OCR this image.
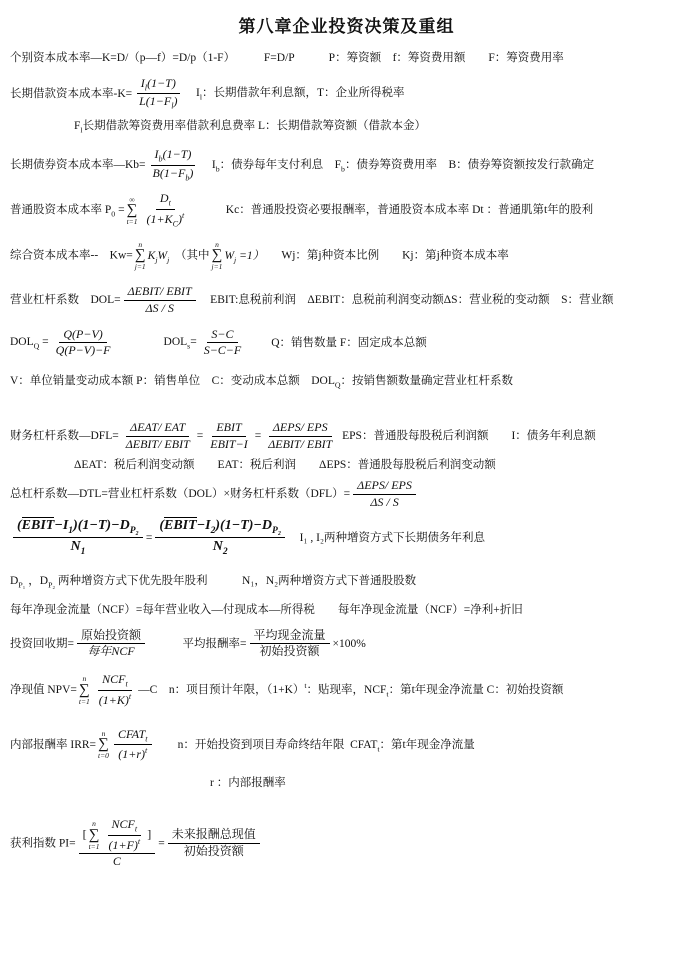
第八章企业投资决策及重组
个别资本成本率—K=D/（p—f）=D/p（1-F）　　　F=D/P　　　P：筹资额　f：筹资费用额　　F：筹资费用率
长期借款资本成本率$-K= \frac{I_l(1-T)}{L(1-F_l)}$ 　$I_l$：长期借款年利息额，T：企业所得税率
$F_l$长期借款筹资费用率借款利息费率 L：长期借款筹资额（借款本金）
长期债券资本成本率—Kb= $\frac{I_b(1-T)}{B(1-F_b)}$ 　$I_b$：债券每年支付利息　$F_b$：债券筹资费用率　B：债券筹资额按发行款确定
普通股资本成本率 $P_0$ =
∞
∑
$t=1 \frac{D_t}{(1+K_C)^t}$ 　　　Kc：普通股投资必要报酬率，普通股资本成本率 Dt ：普通肌第t年的股利
综合资本成本率--　Kw=
n
∑
j=1
$K_jW_j$　（其中
n
∑
j=1
$W_j =1$）　　Wj：第j种资本比例　　Kj：第j种资本成本率
营业杠杆系数　$DOL= \frac{\text{ΔEBIT/ EBIT}}{\Delta S / S}$ 　EBIT:息税前利润　ΔEBIT：息税前利润变动额ΔS：营业税的变动额　S：营业额
$DOL_Q = \frac{Q(P-V)}{Q(P-V)-F}$
　　　　	$DOL_s= \frac{S-C}{S-C-F}$ 　　Q：销售数量 F：固定成本总额
V：单位销量变动成本额 P：销售单位　C：变动成本总额　$DOL_Q$：按销售额数量确定营业杠杆系数
财务杠杆系数—DFL= $\frac{\text{ΔEAT/ EAT}}{\text{ΔEBIT/ EBIT}} = \frac{\text{EBIT}}{\text{EBIT−I}} = \frac{\text{ΔEPS/ EPS}}{\text{ΔEBIT/ EBIT}}$ EPS：普通股每股税后利润额　　I：债务年利息额
ΔEAT：税后利润变动额　　EAT：税后利润　　ΔEPS：普通股每股税后利润变动额
总杠杆系数—DTL=营业杠杆系数（DOL）×财务杠杆系数$(DFL)= \frac{\text{ΔEPS/ EPS}}{\Delta S / S}$
$\frac{(EBIT-I_1)(1-T)-D_{P_2}}{N_1} = \frac{(EBIT-I_2)(1-T)-D_{P_2}}{N_2}$ 　I₁ , I₂两种增资方式下长期债务年利息
$D_{P_1}$ ，$D_{P_2}$ 两种增资方式下优先股年股利　　　N₁，N₂两种增资方式下普通股股数
每年净现金流量（NCF）=每年营业收入—付现成本—所得税　　每年净现金流量（NCF）=净利+折旧
投资回收期= $\frac{\text{原始投资额}}{\text{每年NCF}}$
　　　	平均报酬率= $\frac{\text{平均现金流量}}{\text{初始投资额}} \times 100\%$
净现值 NPV=
n
∑
$t=1 \frac{NCF_t}{(1+K)^t}$ —C　n：项目预计年限，$(1+K)^t$：贴现率，$NCF_t$：第t年现金净流量 C：初始投资额
内部报酬率 IRR=
n
∑
$t=0 \frac{CFAT_t}{(1+r)^t}$ 　　n：开始投资到项目寿命终结年限  $CFAT_t$：第t年现金净流量
r ：内部报酬率
获利指数 PI= [
n
∑
$t=1 \frac{NCF_t}{(1+F)^t}$ ]
$C = \frac{\text{未来报酬总现值}}{\text{初始投资额}}$
